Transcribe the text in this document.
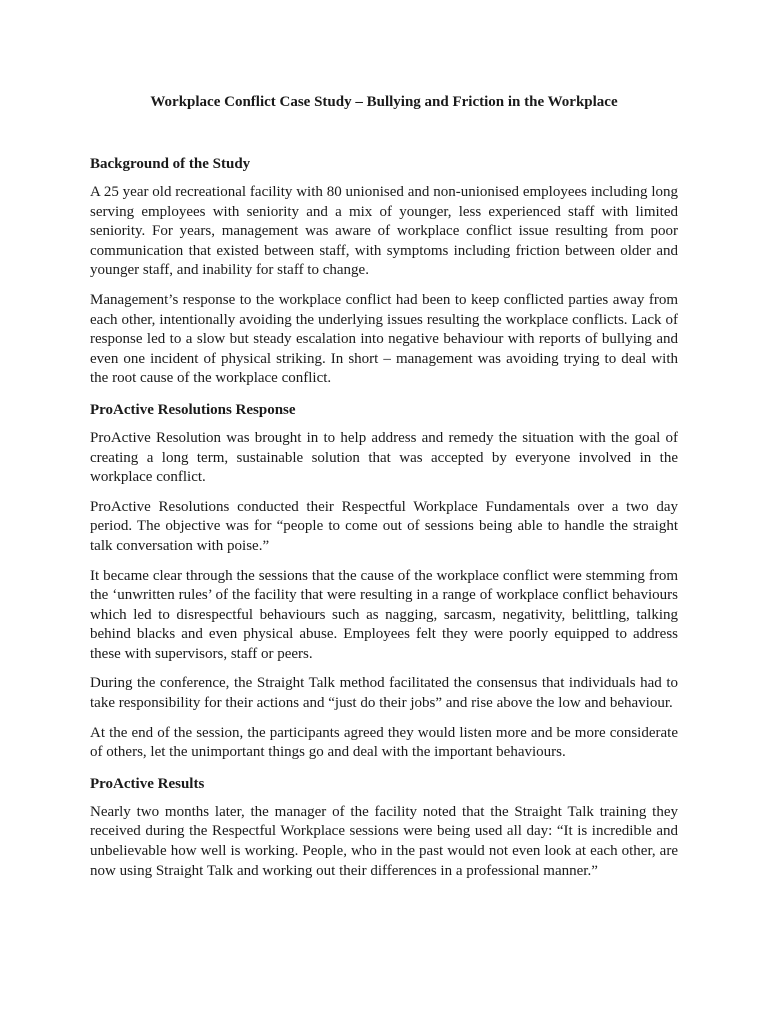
Workplace Conflict Case Study – Bullying and Friction in the Workplace
Background of the Study

A 25 year old recreational facility with 80 unionised and non-unionised employees including long serving employees with seniority and a mix of younger, less experienced staff with limited seniority. For years, management was aware of workplace conflict issue resulting from poor communication that existed between staff, with symptoms including friction between older and younger staff, and inability for staff to change.

Management’s response to the workplace conflict had been to keep conflicted parties away from each other, intentionally avoiding the underlying issues resulting the workplace conflicts. Lack of response led to a slow but steady escalation into negative behaviour with reports of bullying and even one incident of physical striking. In short – management was avoiding trying to deal with the root cause of the workplace conflict.

ProActive Resolutions Response

ProActive Resolution was brought in to help address and remedy the situation with the goal of creating a long term, sustainable solution that was accepted by everyone involved in the workplace conflict.

ProActive Resolutions conducted their Respectful Workplace Fundamentals over a two day period. The objective was for “people to come out of sessions being able to handle the straight talk conversation with poise.”

It became clear through the sessions that the cause of the workplace conflict were stemming from the ‘unwritten rules’ of the facility that were resulting in a range of workplace conflict behaviours which led to disrespectful behaviours such as nagging, sarcasm, negativity, belittling, talking behind blacks and even physical abuse. Employees felt they were poorly equipped to address these with supervisors, staff or peers.

During the conference, the Straight Talk method facilitated the consensus that individuals had to take responsibility for their actions and “just do their jobs” and rise above the low and behaviour.

At the end of the session, the participants agreed they would listen more and be more considerate of others, let the unimportant things go and deal with the important behaviours.

ProActive Results

Nearly two months later, the manager of the facility noted that the Straight Talk training they received during the Respectful Workplace sessions were being used all day: “It is incredible and unbelievable how well is working. People, who in the past would not even look at each other, are now using Straight Talk and working out their differences in a professional manner.”
